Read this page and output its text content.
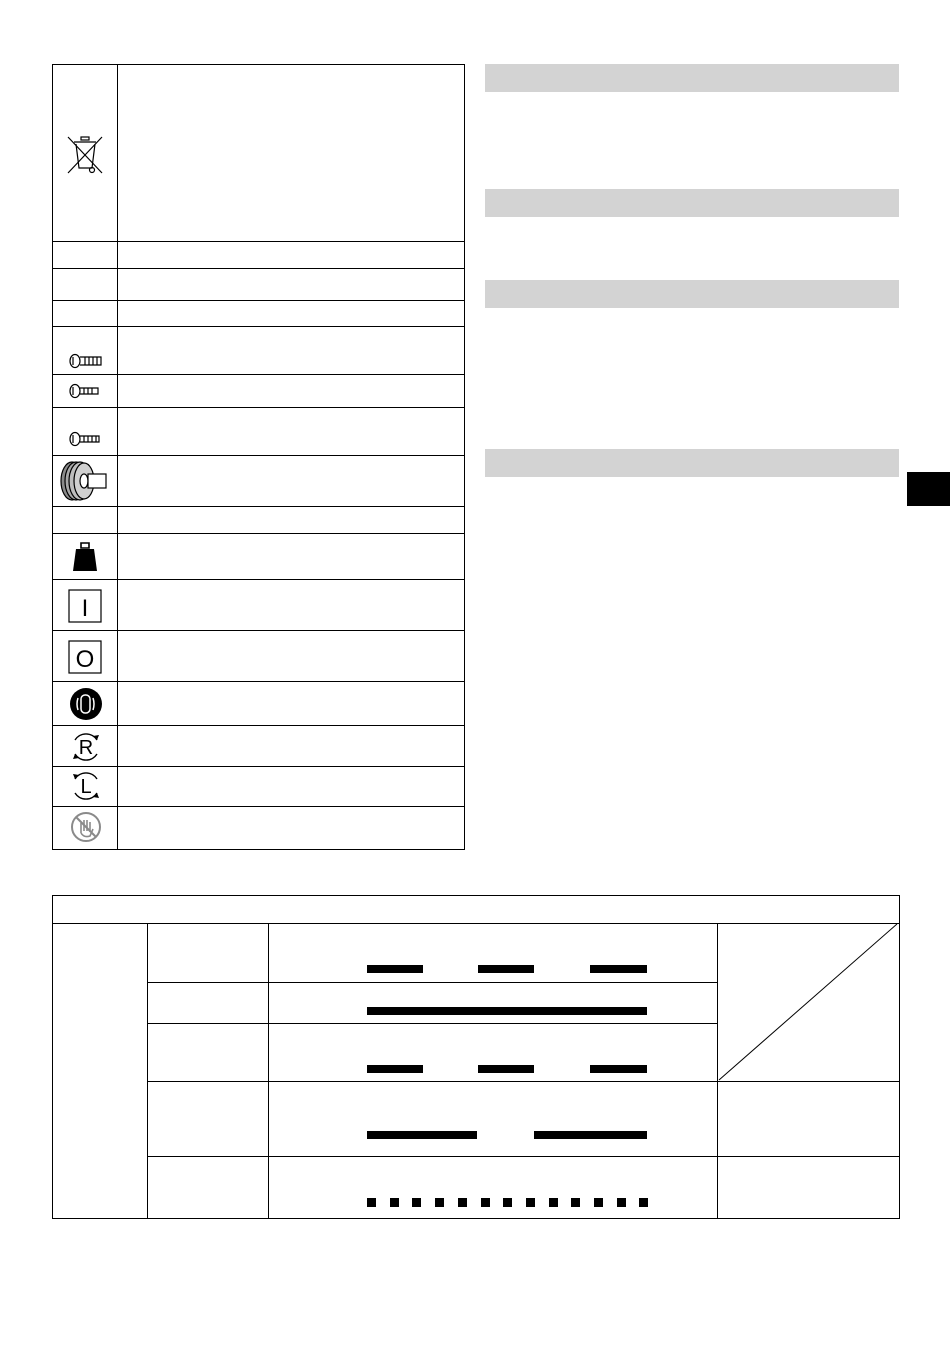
I
O
R
L
